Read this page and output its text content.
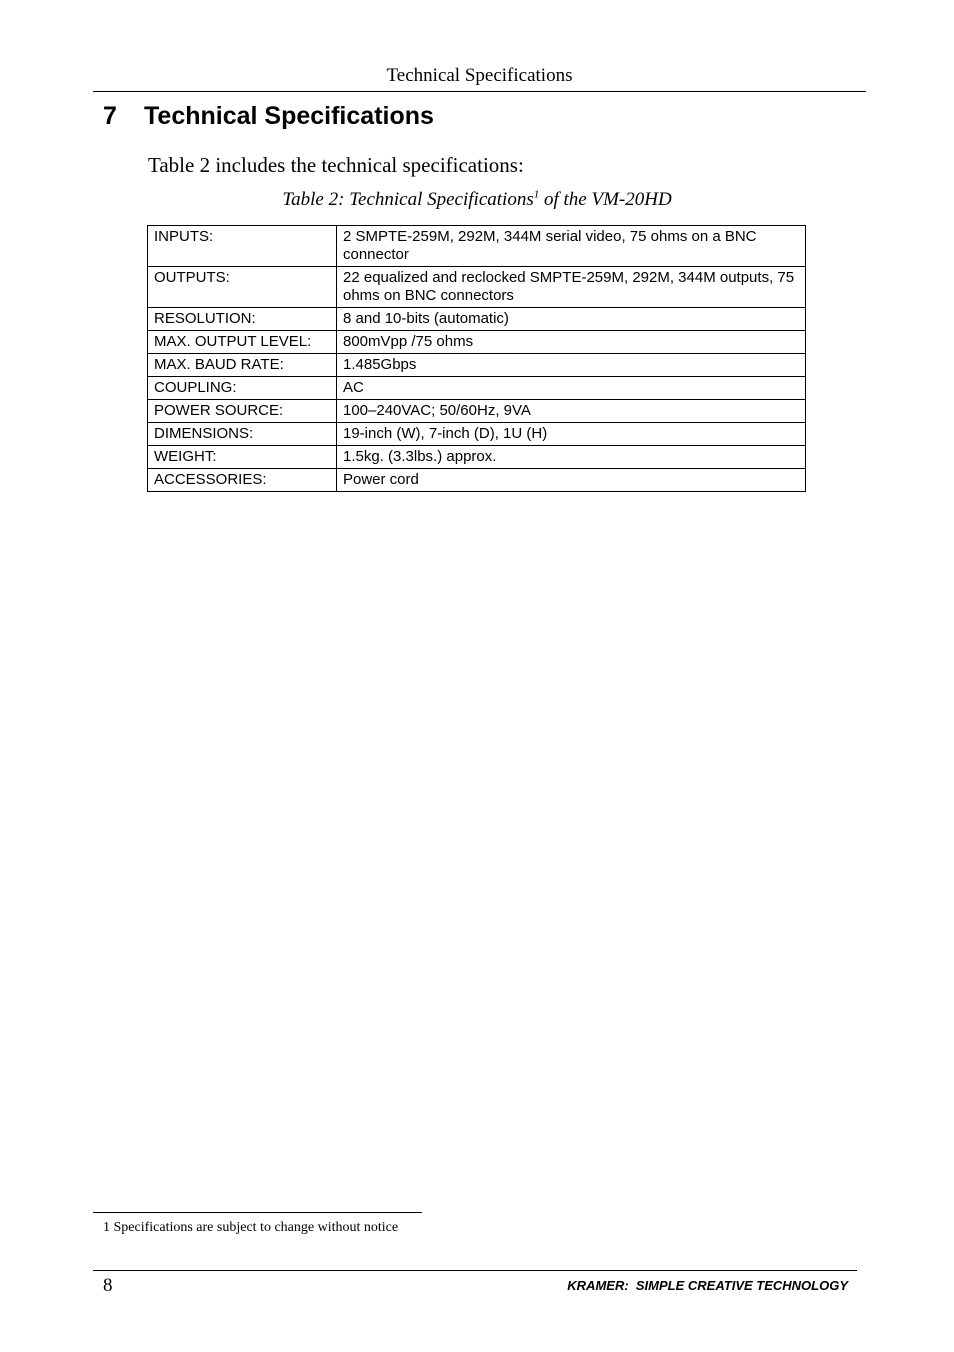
Technical Specifications
7 Technical Specifications
Table 2 includes the technical specifications:
Table 2: Technical Specifications$^1$ of the VM-20HD
INPUTS:	2 SMPTE-259M, 292M, 344M serial video, 75 ohms on a BNC connector
OUTPUTS:	22 equalized and reclocked SMPTE-259M, 292M, 344M outputs, 75 ohms on BNC connectors
RESOLUTION:	8 and 10-bits (automatic)
MAX. OUTPUT LEVEL:	800mVpp /75 ohms
MAX. BAUD RATE:	1.485Gbps
COUPLING:	AC
POWER SOURCE:	100–240VAC; 50/60Hz, 9VA
DIMENSIONS:	19-inch (W), 7-inch (D), 1U (H)
WEIGHT:	1.5kg. (3.3lbs.) approx.
ACCESSORIES:	Power cord
1 Specifications are subject to change without notice
8	KRAMER:  SIMPLE CREATIVE TECHNOLOGY
